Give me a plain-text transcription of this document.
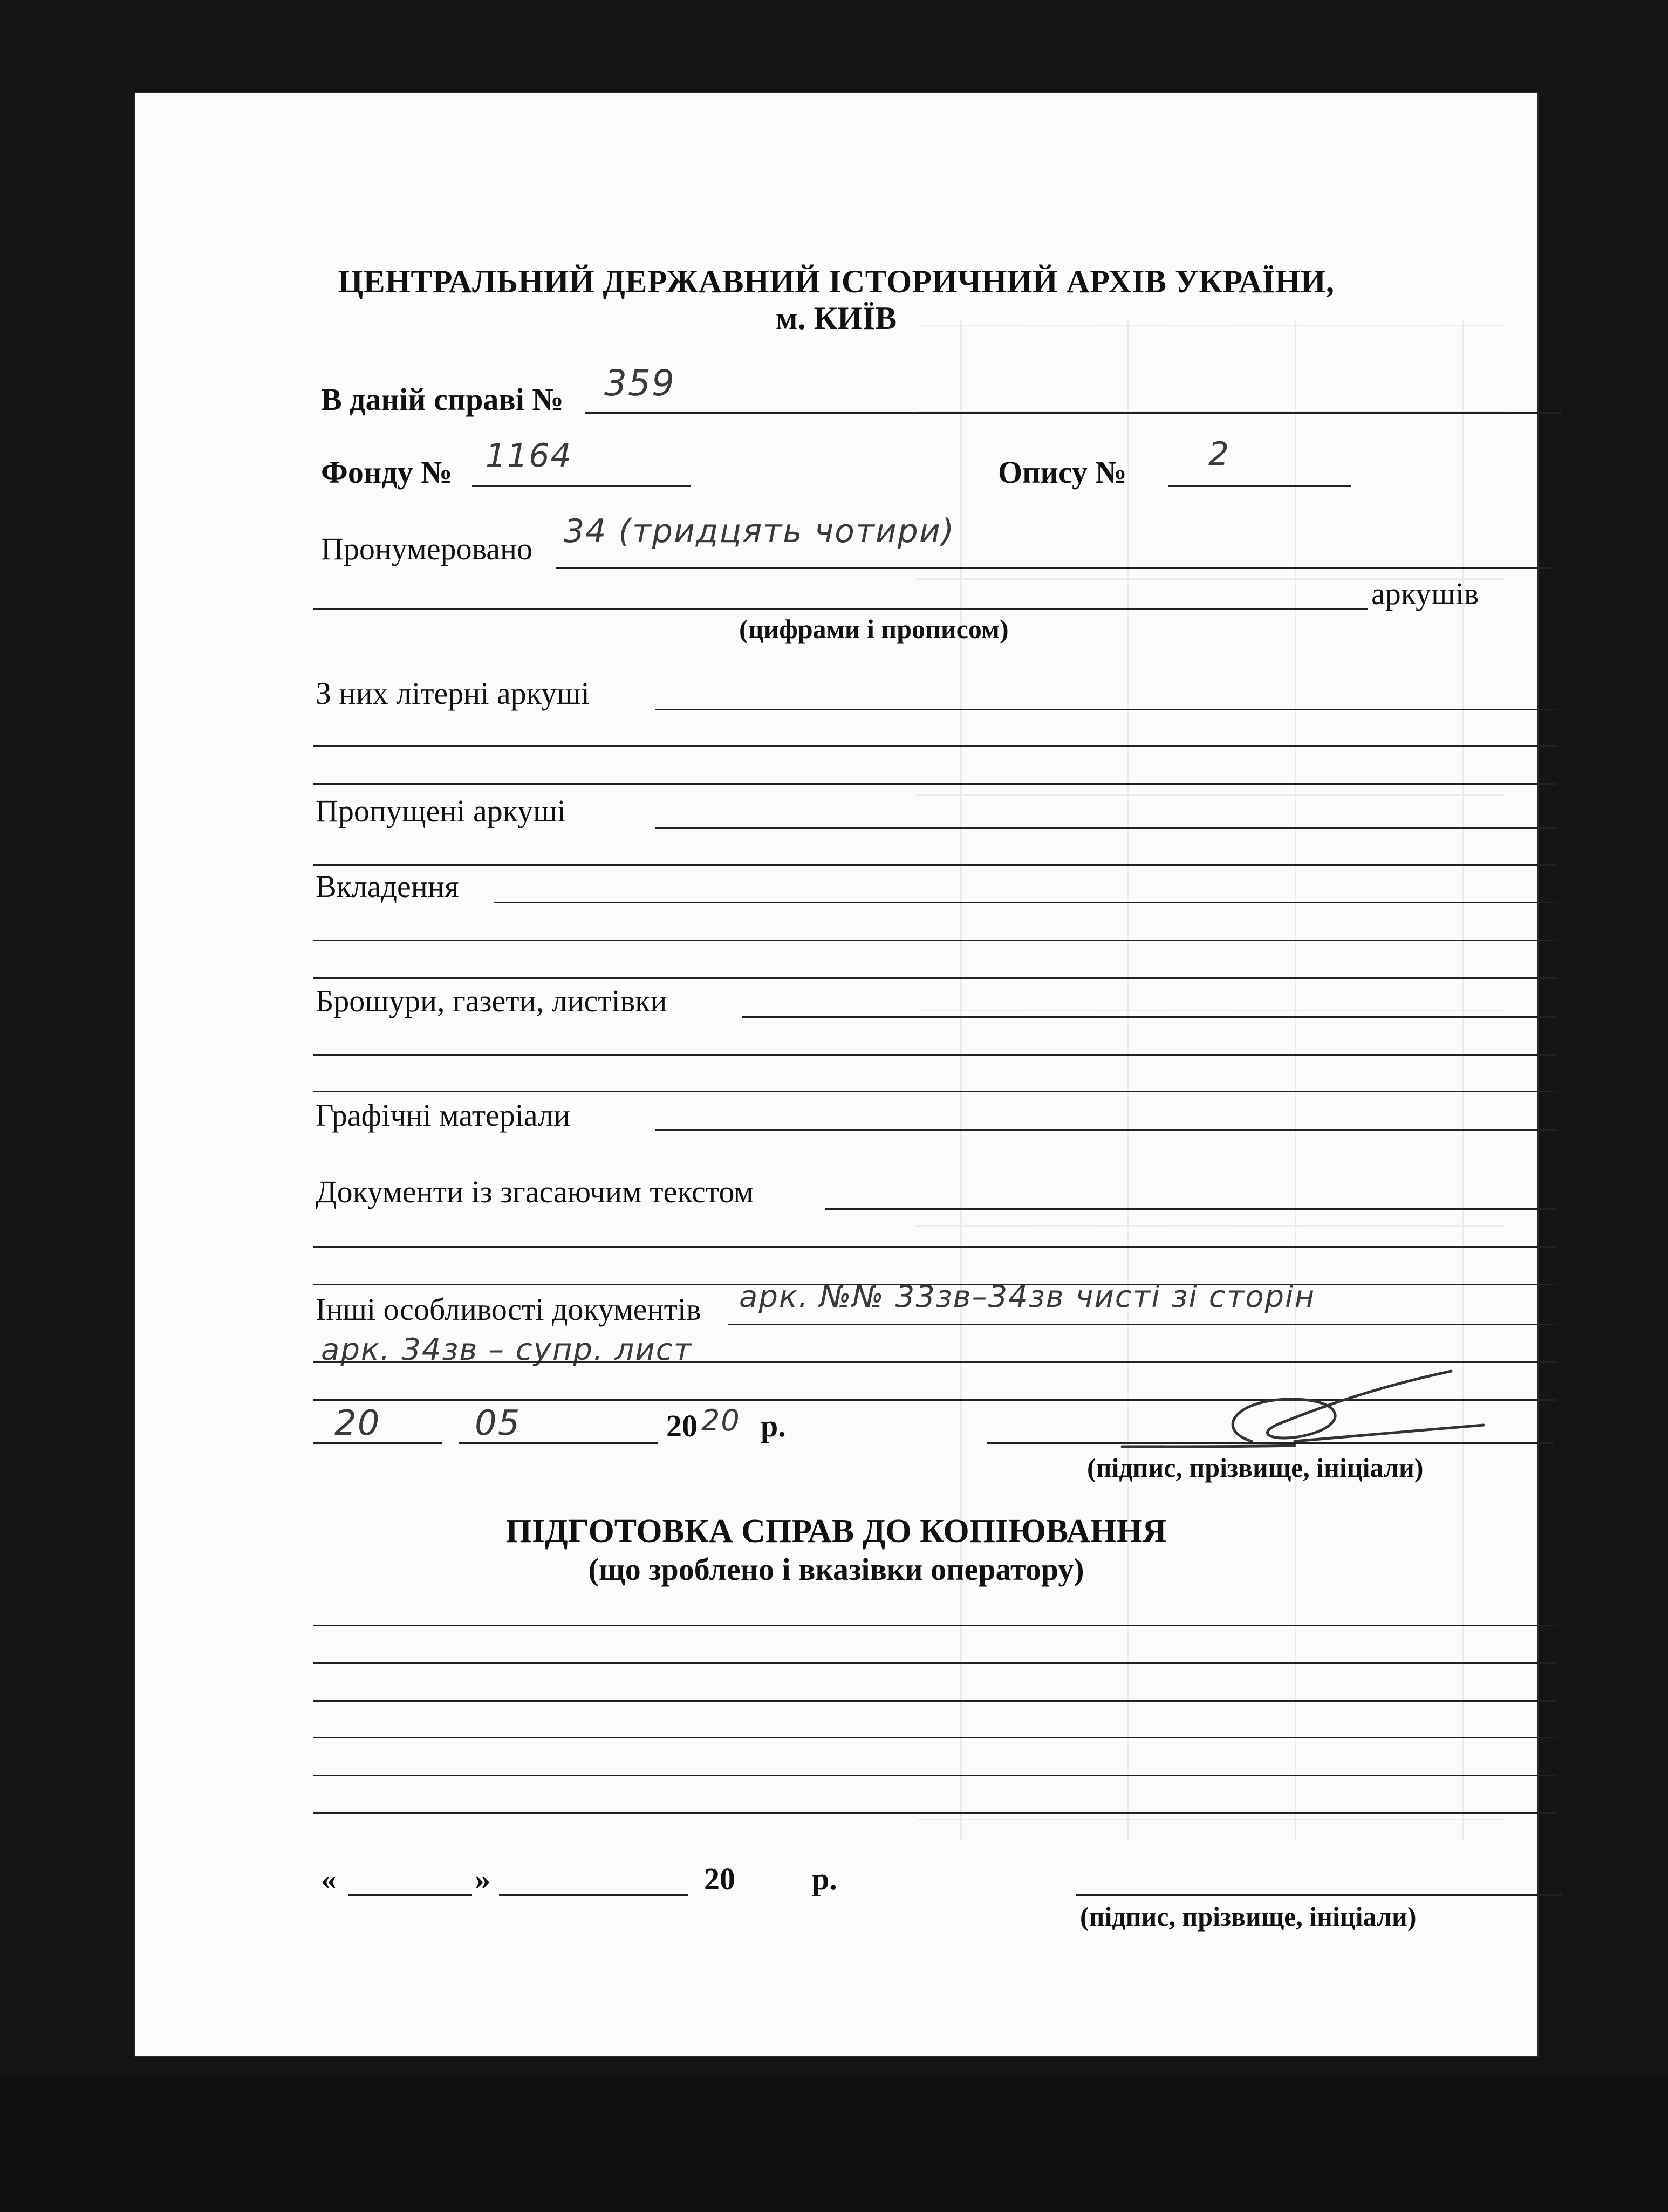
ЦЕНТРАЛЬНИЙ ДЕРЖАВНИЙ ІСТОРИЧНИЙ АРХІВ УКРАЇНИ,
м. КИЇВ
В даній справі № 359
Фонду № 1164	Опису №	2
Пронумеровано 34 (тридцять чотири)
аркушів
(цифрами і прописом)
З них літерні аркуші
Пропущені аркуші
Вкладення
Брошури, газети, листівки
Графічні матеріали
Документи із згасаючим текстом
Інші особливості документів арк. №№ 33зв–34зв чисті зі сторін
арк. 34зв – супр. лист
20	05	20 20 р.
(підпис, прізвище, ініціали)
ПІДГОТОВКА СПРАВ ДО КОПІЮВАННЯ
(що зроблено і вказівки оператору)
«	»	20 р.
(підпис, прізвище, ініціали)
